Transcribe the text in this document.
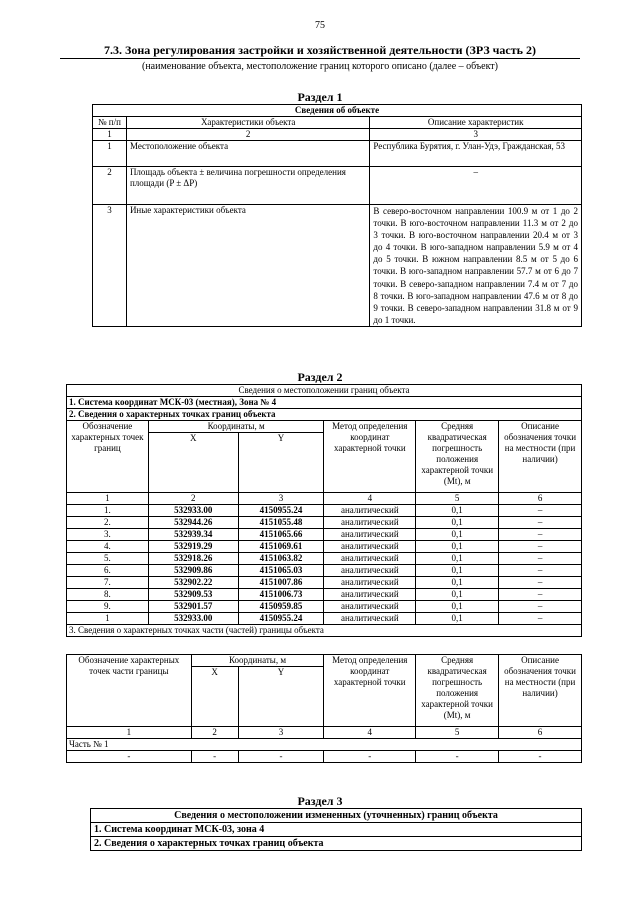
75
7.3. Зона регулирования застройки и хозяйственной деятельности (ЗРЗ часть 2)
(наименование объекта, местоположение границ которого описано (далее – объект)
Раздел 1
Сведения об объекте		
№ п/п	Характеристики объекта	Описание характеристик
1	2	3
1	Местоположение объекта	Республика Бурятия, г. Улан-Удэ, Гражданская, 53
2	Площадь объекта ± величина погрешности определения площади (P ± ΔP)	–
3	Иные характеристики объекта	В северо-восточном направлении 100.9 м от 1 до 2 точки. В юго-восточном направлении 11.3 м от 2 до 3 точки. В юго-восточном направлении 20.4 м от 3 до 4 точки. В юго-западном направлении 5.9 м от 4 до 5 точки. В южном направлении 8.5 м от 5 до 6 точки. В юго-западном направлении 57.7 м от 6 до 7 точки. В северо-западном направлении 7.4 м от 7 до 8 точки. В юго-западном направлении 47.6 м от 8 до 9 точки. В северо-западном направлении 31.8 м от 9 до 1 точки.
Раздел 2
Сведения о местоположении границ объекта					
1. Система координат МСК-03 (местная), Зона № 4					
2. Сведения о характерных точках границ объекта					
Обозначение характерных точек границ	Координаты, м		Метод определения координат характерной точки	Средняя квадратическая погрешность положения характерной точки (Mt), м	Описание обозначения точки на местности (при наличии)
	X	Y			
1	2	3	4	5	6
1.	532933.00	4150955.24	аналитический	0,1	–
2.	532944.26	4151055.48	аналитический	0,1	–
3.	532939.34	4151065.66	аналитический	0,1	–
4.	532919.29	4151069.61	аналитический	0,1	–
5.	532918.26	4151063.82	аналитический	0,1	–
6.	532909.86	4151065.03	аналитический	0,1	–
7.	532902.22	4151007.86	аналитический	0,1	–
8.	532909.53	4151006.73	аналитический	0,1	–
9.	532901.57	4150959.85	аналитический	0,1	–
1	532933.00	4150955.24	аналитический	0,1	–
3. Сведения о характерных точках части (частей) границы объекта					
Обозначение характерных точек части границы	Координаты, м		Метод определения координат характерной точки	Средняя квадратическая погрешность положения характерной точки (Mt), м	Описание обозначения точки на местности (при наличии)
	X	Y			
1	2	3	4	5	6
Часть № 1					
-	-	-	-	-	-
Раздел 3
Сведения о местоположении измененных (уточненных) границ объекта
1. Система координат МСК-03, зона 4
2. Сведения о характерных точках границ объекта
